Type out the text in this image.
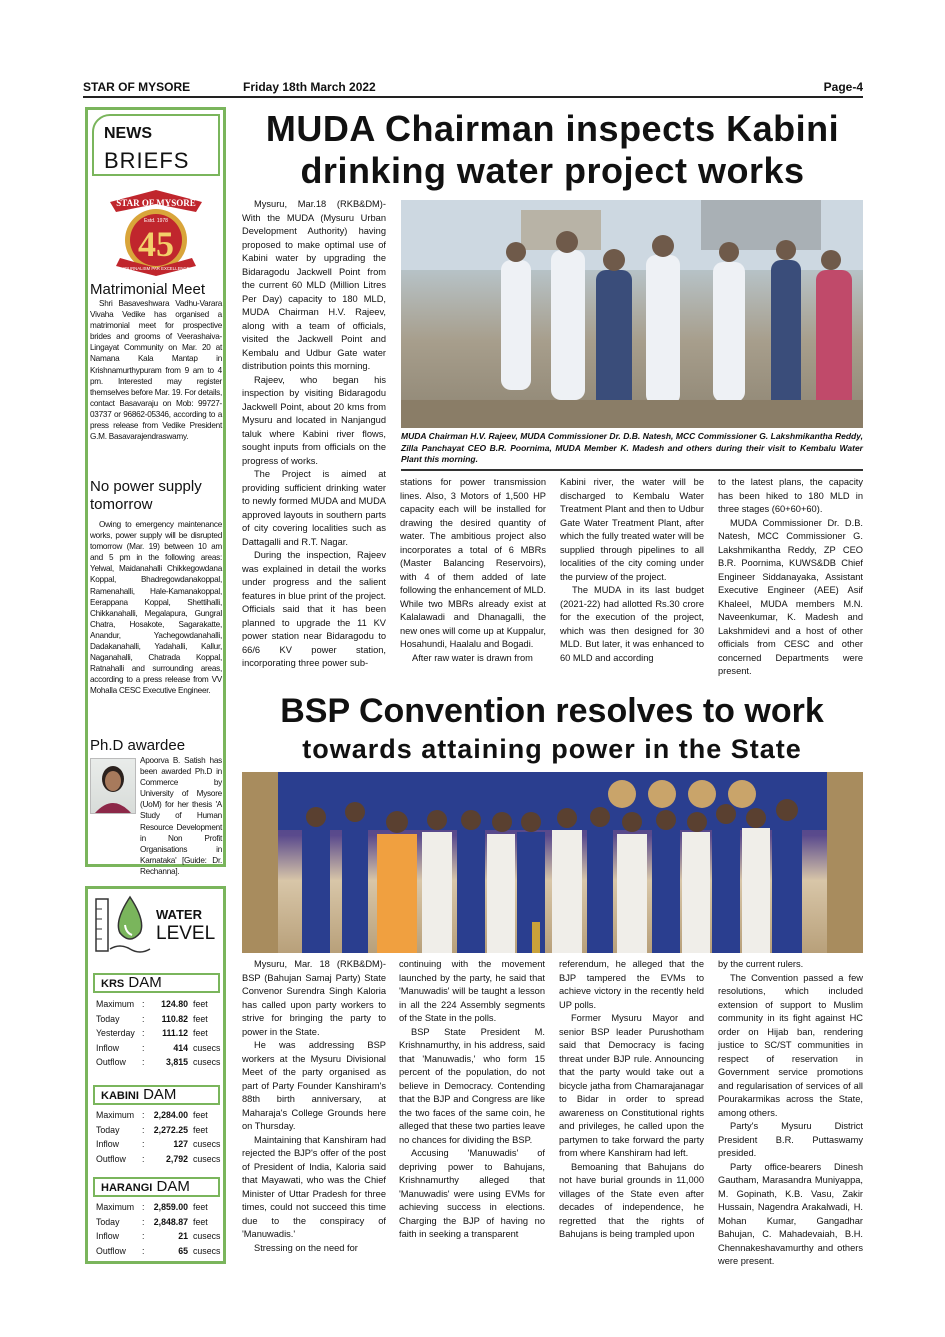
STAR OF MYSORE	Friday 18th March 2022	Page-4
NEWS
BRIEFS
STAR OF MYSORE
Estd. 1978
45
JOURNALISM PAR EXCELLENCE
Matrimonial Meet
Shri Basaveshwara Vadhu-Varara Vivaha Vedike has organised a matrimonial meet for prospective brides and grooms of Veerashaiva-Lingayat Community on Mar. 20 at Namana Kala Mantap in Krishnamurthypuram from 9 am to 4 pm. Interested may register themselves before Mar. 19. For details, contact Basavaraju on Mob: 99727-03737 or 96862-05346, according to a press release from Vedike President G.M. Basavarajendraswamy.
No power supply tomorrow
Owing to emergency maintenance works, power supply will be disrupted tomorrow (Mar. 19) between 10 am and 5 pm in the following areas: Yelwal, Maidanahalli Chikkegowdana Koppal, Bhadregowdanakoppal, Ramenahalli, Hale-Kamanakoppal, Eerappana Koppal, Shettihalli, Chikkanahalli, Megalapura, Gungral Chatra, Hosakote, Sagarakatte, Anandur, Yachegowdanahalli, Dadakanahalli, Yadahalli, Kallur, Naganahalli, Chatrada Koppal, Ratnahalli and surrounding areas, according to a press release from VV Mohalla CESC Executive Engineer.
Ph.D awardee
Apoorva B. Satish has been awarded Ph.D in Commerce by University of Mysore (UoM) for her thesis 'A Study of Human Resource Development in Non Profit Organisations in Karnataka' [Guide: Dr. Rechanna].
WATER
LEVEL
KRS DAM
Maximum : 124.80 feet
Today	: 110.82 feet
Yesterday : 111.12 feet
Inflow	:	414 cusecs
Outflow : 3,815 cusecs
KABINI DAM
Maximum : 2,284.00 feet
Today	: 2,272.25 feet
Inflow	:	127 cusecs
Outflow : 2,792 cusecs
HARANGI DAM
Maximum : 2,859.00 feet
Today	: 2,848.87 feet
Inflow	:	21 cusecs
Outflow :	65 cusecs
MUDA Chairman inspects Kabini
drinking water project works

Mysuru, Mar.18 (RKB&DM)- With the MUDA (Mysuru Urban Development Authority) having proposed to make optimal use of Kabini water by upgrading the Bidaragodu Jackwell Point from the current 60 MLD (Million Litres Per Day) capacity to 180 MLD, MUDA Chairman H.V. Rajeev, along with a team of officials, visited the Jackwell Point and Kembalu and Udbur Gate water distribution points this morning.

Rajeev, who began his inspection by visiting Bidaragodu Jackwell Point, about 20 kms from Mysuru and located in Nanjangud taluk where Kabini river flows, sought inputs from officials on the progress of works.

The Project is aimed at providing sufficient drinking water to newly formed MUDA and MUDA approved layouts in southern parts of city covering localities such as Dattagalli and R.T. Nagar.

During the inspection, Rajeev was explained in detail the works under progress and the salient features in blue print of the project. Officials said that it has been planned to upgrade the 11 KV power station near Bidaragodu to 66/6 KV power station, incorporating three power sub-

MUDA Chairman H.V. Rajeev, MUDA Commissioner Dr. D.B. Natesh, MCC Commissioner G. Lakshmikantha Reddy, Zilla Panchayat CEO B.R. Poornima, MUDA Member K. Madesh and others during their visit to Kembalu Water Plant this morning.

stations for power transmission lines. Also, 3 Motors of 1,500 HP capacity each will be installed for drawing the desired quantity of water. The ambitious project also incorporates a total of 6 MBRs (Master Balancing Reservoirs), with 4 of them added of late following the enhancement of MLD. While two MBRs already exist at Kalalawadi and Dhanagalli, the new ones will come up at Kuppalur, Hosahundi, Haalalu and Bogadi.

After raw water is drawn from

Kabini river, the water will be discharged to Kembalu Water Treatment Plant and then to Udbur Gate Water Treatment Plant, after which the fully treated water will be supplied through pipelines to all localities of the city coming under the purview of the project.

The MUDA in its last budget (2021-22) had allotted Rs.30 crore for the execution of the project, which was then designed for 30 MLD. But later, it was enhanced to 60 MLD and according

to the latest plans, the capacity has been hiked to 180 MLD in three stages (60+60+60).

MUDA Commissioner Dr. D.B. Natesh, MCC Commissioner G. Lakshmikantha Reddy, ZP CEO B.R. Poornima, KUWS&DB Chief Engineer Siddanayaka, Assistant Executive Engineer (AEE) Asif Khaleel, MUDA members M.N. Naveenkumar, K. Madesh and Lakshmidevi and a host of other officials from CESC and other concerned Departments were present.

BSP Convention resolves to work
towards attaining power in the State

Mysuru, Mar. 18 (RKB&DM)- BSP (Bahujan Samaj Party) State Convenor Surendra Singh Kaloria has called upon party workers to strive for bringing the party to power in the State.

He was addressing BSP workers at the Mysuru Divisional Meet of the party organised as part of Party Founder Kanshiram's 88th birth anniversary, at Maharaja's College Grounds here on Thursday.

Maintaining that Kanshiram had rejected the BJP's offer of the post of President of India, Kaloria said that Mayawati, who was the Chief Minister of Uttar Pradesh for three times, could not succeed this time due to the conspiracy of 'Manuwadis.'

Stressing on the need for

continuing with the movement launched by the party, he said that 'Manuwadis' will be taught a lesson in all the 224 Assembly segments of the State in the polls.

BSP State President M. Krishnamurthy, in his address, said that 'Manuwadis,' who form 15 percent of the population, do not believe in Democracy. Contending that the BJP and Congress are like the two faces of the same coin, he alleged that these two parties leave no chances for dividing the BSP.

Accusing 'Manuwadis' of depriving power to Bahujans, Krishnamurthy alleged that 'Manuwadis' were using EVMs for achieving success in elections. Charging the BJP of having no faith in seeking a transparent

referendum, he alleged that the BJP tampered the EVMs to achieve victory in the recently held UP polls.

Former Mysuru Mayor and senior BSP leader Purushotham said that Democracy is facing threat under BJP rule. Announcing that the party would take out a bicycle jatha from Chamarajanagar to Bidar in order to spread awareness on Constitutional rights and privileges, he called upon the partymen to take forward the party from where Kanshiram had left.

Bemoaning that Bahujans do not have burial grounds in 11,000 villages of the State even after decades of independence, he regretted that the rights of Bahujans is being trampled upon

by the current rulers.

The Convention passed a few resolutions, which included extension of support to Muslim community in its fight against HC order on Hijab ban, rendering justice to SC/ST communities in respect of reservation in Government service promotions and regularisation of services of all Pourakarmikas across the State, among others.

Party's Mysuru District President B.R. Puttaswamy presided.

Party office-bearers Dinesh Gautham, Marasandra Muniyappa, M. Gopinath, K.B. Vasu, Zakir Hussain, Nagendra Arakalwadi, H. Mohan Kumar, Gangadhar Bahujan, C. Mahadevaiah, B.H. Chennakeshavamurthy and others were present.
